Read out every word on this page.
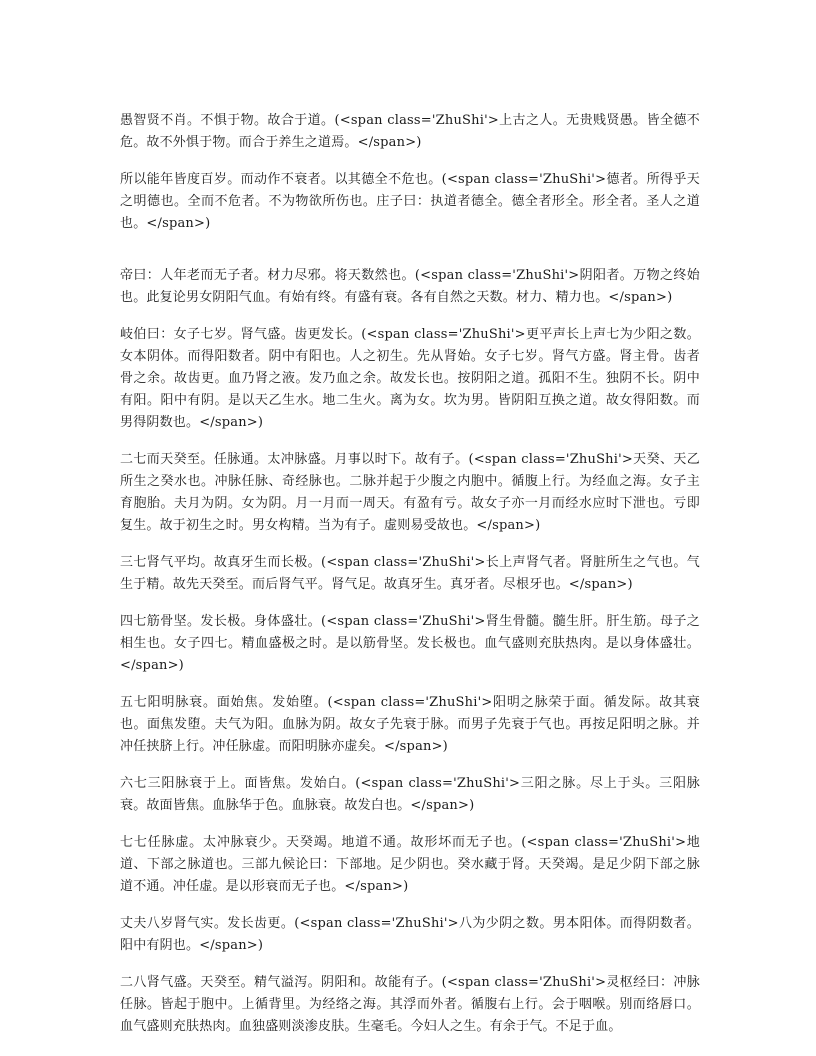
愚智贤不肖。不惧于物。故合于道。(<span class='ZhuShi'>上古之人。无贵贱贤愚。皆全德不危。故不外惧于物。而合于养生之道焉。</span>)

所以能年皆度百岁。而动作不衰者。以其德全不危也。(<span class='ZhuShi'>德者。所得乎天之明德也。全而不危者。不为物欲所伤也。庄子曰：执道者德全。德全者形全。形全者。圣人之道也。</span>)

帝曰：人年老而无子者。材力尽邪。将天数然也。(<span class='ZhuShi'>阴阳者。万物之终始也。此复论男女阴阳气血。有始有终。有盛有衰。各有自然之天数。材力、精力也。</span>)

岐伯曰：女子七岁。肾气盛。齿更发长。(<span class='ZhuShi'>更平声长上声七为少阳之数。女本阴体。而得阳数者。阴中有阳也。人之初生。先从肾始。女子七岁。肾气方盛。肾主骨。齿者骨之余。故齿更。血乃肾之液。发乃血之余。故发长也。按阴阳之道。孤阳不生。独阴不长。阴中有阳。阳中有阴。是以天乙生水。地二生火。离为女。坎为男。皆阴阳互换之道。故女得阳数。而男得阴数也。</span>)

二七而天癸至。任脉通。太冲脉盛。月事以时下。故有子。(<span class='ZhuShi'>天癸、天乙所生之癸水也。冲脉任脉、奇经脉也。二脉并起于少腹之内胞中。循腹上行。为经血之海。女子主育胞胎。夫月为阴。女为阴。月一月而一周天。有盈有亏。故女子亦一月而经水应时下泄也。亏即复生。故于初生之时。男女构精。当为有子。虚则易受故也。</span>)

三七肾气平均。故真牙生而长极。(<span class='ZhuShi'>长上声肾气者。肾脏所生之气也。气生于精。故先天癸至。而后肾气平。肾气足。故真牙生。真牙者。尽根牙也。</span>)

四七筋骨坚。发长极。身体盛壮。(<span class='ZhuShi'>肾生骨髓。髓生肝。肝生筋。母子之相生也。女子四七。精血盛极之时。是以筋骨坚。发长极也。血气盛则充肤热肉。是以身体盛壮。</span>)

五七阳明脉衰。面始焦。发始堕。(<span class='ZhuShi'>阳明之脉荣于面。循发际。故其衰也。面焦发堕。夫气为阳。血脉为阴。故女子先衰于脉。而男子先衰于气也。再按足阳明之脉。并冲任挟脐上行。冲任脉虚。而阳明脉亦虚矣。</span>)

六七三阳脉衰于上。面皆焦。发始白。(<span class='ZhuShi'>三阳之脉。尽上于头。三阳脉衰。故面皆焦。血脉华于色。血脉衰。故发白也。</span>)

七七任脉虚。太冲脉衰少。天癸竭。地道不通。故形坏而无子也。(<span class='ZhuShi'>地道、下部之脉道也。三部九候论曰：下部地。足少阴也。癸水藏于肾。天癸竭。是足少阴下部之脉道不通。冲任虚。是以形衰而无子也。</span>)

丈夫八岁肾气实。发长齿更。(<span class='ZhuShi'>八为少阴之数。男本阳体。而得阴数者。阳中有阴也。</span>)

二八肾气盛。天癸至。精气溢泻。阴阳和。故能有子。(<span class='ZhuShi'>灵枢经曰：冲脉任脉。皆起于胞中。上循背里。为经络之海。其浮而外者。循腹右上行。会于咽喉。别而络唇口。血气盛则充肤热肉。血独盛则淡渗皮肤。生毫毛。今妇人之生。有余于气。不足于血。
